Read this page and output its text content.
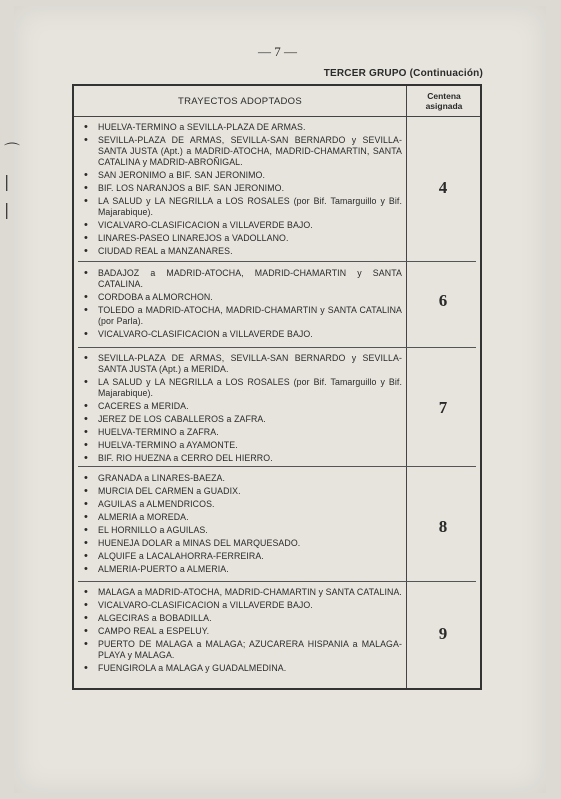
⌒
|
|
— 7 —
TERCER GRUPO (Continuación)
TRAYECTOS ADOPTADOS	Centena
asignada
• HUELVA-TERMINO a SEVILLA-PLAZA DE ARMAS.
• SEVILLA-PLAZA DE ARMAS, SEVILLA-SAN BERNARDO y SEVILLA-SANTA JUSTA (Apt.) a MADRID-ATOCHA, MADRID-CHAMARTIN, SANTA CATALINA y MADRID-ABROÑIGAL.
• SAN JERONIMO a BIF. SAN JERONIMO.
• BIF. LOS NARANJOS a BIF. SAN JERONIMO.
• LA SALUD y LA NEGRILLA a LOS ROSALES (por Bif. Tamarguillo y Bif. Majarabique).
• VICALVARO-CLASIFICACION a VILLAVERDE BAJO.
• LINARES-PASEO LINAREJOS a VADOLLANO.
• CIUDAD REAL a MANZANARES.
4
• BADAJOZ a MADRID-ATOCHA, MADRID-CHAMARTIN y SANTA CATALINA.
• CORDOBA a ALMORCHON.
• TOLEDO a MADRID-ATOCHA, MADRID-CHAMARTIN y SANTA CATALINA (por Parla).
• VICALVARO-CLASIFICACION a VILLAVERDE BAJO.
6
• SEVILLA-PLAZA DE ARMAS, SEVILLA-SAN BERNARDO y SEVILLA-SANTA JUSTA (Apt.) a MERIDA.
• LA SALUD y LA NEGRILLA a LOS ROSALES (por Bif. Tamarguillo y Bif. Majarabique).
• CACERES a MERIDA.
• JEREZ DE LOS CABALLEROS a ZAFRA.
• HUELVA-TERMINO a ZAFRA.
• HUELVA-TERMINO a AYAMONTE.
• BIF. RIO HUEZNA a CERRO DEL HIERRO.
7
• GRANADA a LINARES-BAEZA.
• MURCIA DEL CARMEN a GUADIX.
• AGUILAS a ALMENDRICOS.
• ALMERIA a MOREDA.
• EL HORNILLO a AGUILAS.
• HUENEJA DOLAR a MINAS DEL MARQUESADO.
• ALQUIFE a LACALAHORRA-FERREIRA.
• ALMERIA-PUERTO a ALMERIA.
8
• MALAGA a MADRID-ATOCHA, MADRID-CHAMARTIN y SANTA CATALINA.
• VICALVARO-CLASIFICACION a VILLAVERDE BAJO.
• ALGECIRAS a BOBADILLA.
• CAMPO REAL a ESPELUY.
• PUERTO DE MALAGA a MALAGA; AZUCARERA HISPANIA a MALAGA-PLAYA y MALAGA.
• FUENGIROLA a MALAGA y GUADALMEDINA.
9
